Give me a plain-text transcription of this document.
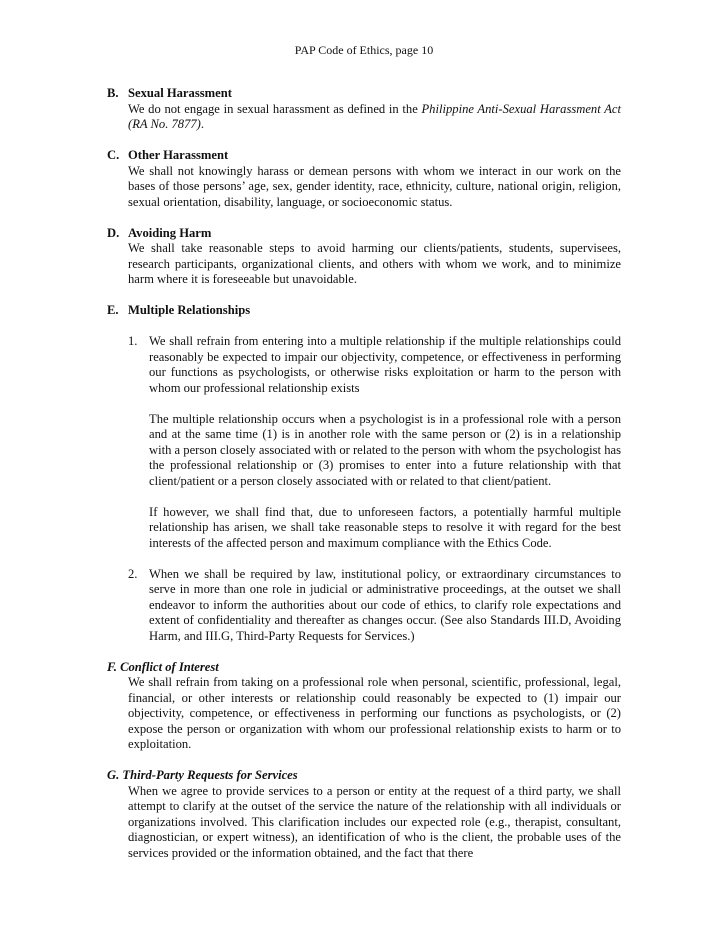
PAP Code of Ethics, page 10
B. Sexual Harassment
We do not engage in sexual harassment as defined in the Philippine Anti-Sexual Harassment Act (RA No. 7877).
C. Other Harassment
We shall not knowingly harass or demean persons with whom we interact in our work on the bases of those persons’ age, sex, gender identity, race, ethnicity, culture, national origin, religion, sexual orientation, disability, language, or socioeconomic status.
D. Avoiding Harm
We shall take reasonable steps to avoid harming our clients/patients, students, supervisees, research participants, organizational clients, and others with whom we work, and to minimize harm where it is foreseeable but unavoidable.
E. Multiple Relationships
1. We shall refrain from entering into a multiple relationship if the multiple relationships could reasonably be expected to impair our objectivity, competence, or effectiveness in performing our functions as psychologists, or otherwise risks exploitation or harm to the person with whom our professional relationship exists

The multiple relationship occurs when a psychologist is in a professional role with a person and at the same time (1) is in another role with the same person or (2) is in a relationship with a person closely associated with or related to the person with whom the psychologist has the professional relationship or (3) promises to enter into a future relationship with that client/patient or a person closely associated with or related to that client/patient.

If however, we shall find that, due to unforeseen factors, a potentially harmful multiple relationship has arisen, we shall take reasonable steps to resolve it with regard for the best interests of the affected person and maximum compliance with the Ethics Code.

2. When we shall be required by law, institutional policy, or extraordinary circumstances to serve in more than one role in judicial or administrative proceedings, at the outset we shall endeavor to inform the authorities about our code of ethics, to clarify role expectations and extent of confidentiality and thereafter as changes occur. (See also Standards III.D, Avoiding Harm, and III.G, Third-Party Requests for Services.)

F. Conflict of Interest
We shall refrain from taking on a professional role when personal, scientific, professional, legal, financial, or other interests or relationship could reasonably be expected to (1) impair our objectivity, competence, or effectiveness in performing our functions as psychologists, or (2) expose the person or organization with whom our professional relationship exists to harm or to exploitation.
G. Third-Party Requests for Services
When we agree to provide services to a person or entity at the request of a third party, we shall attempt to clarify at the outset of the service the nature of the relationship with all individuals or organizations involved. This clarification includes our expected role (e.g., therapist, consultant, diagnostician, or expert witness), an identification of who is the client, the probable uses of the services provided or the information obtained, and the fact that there
